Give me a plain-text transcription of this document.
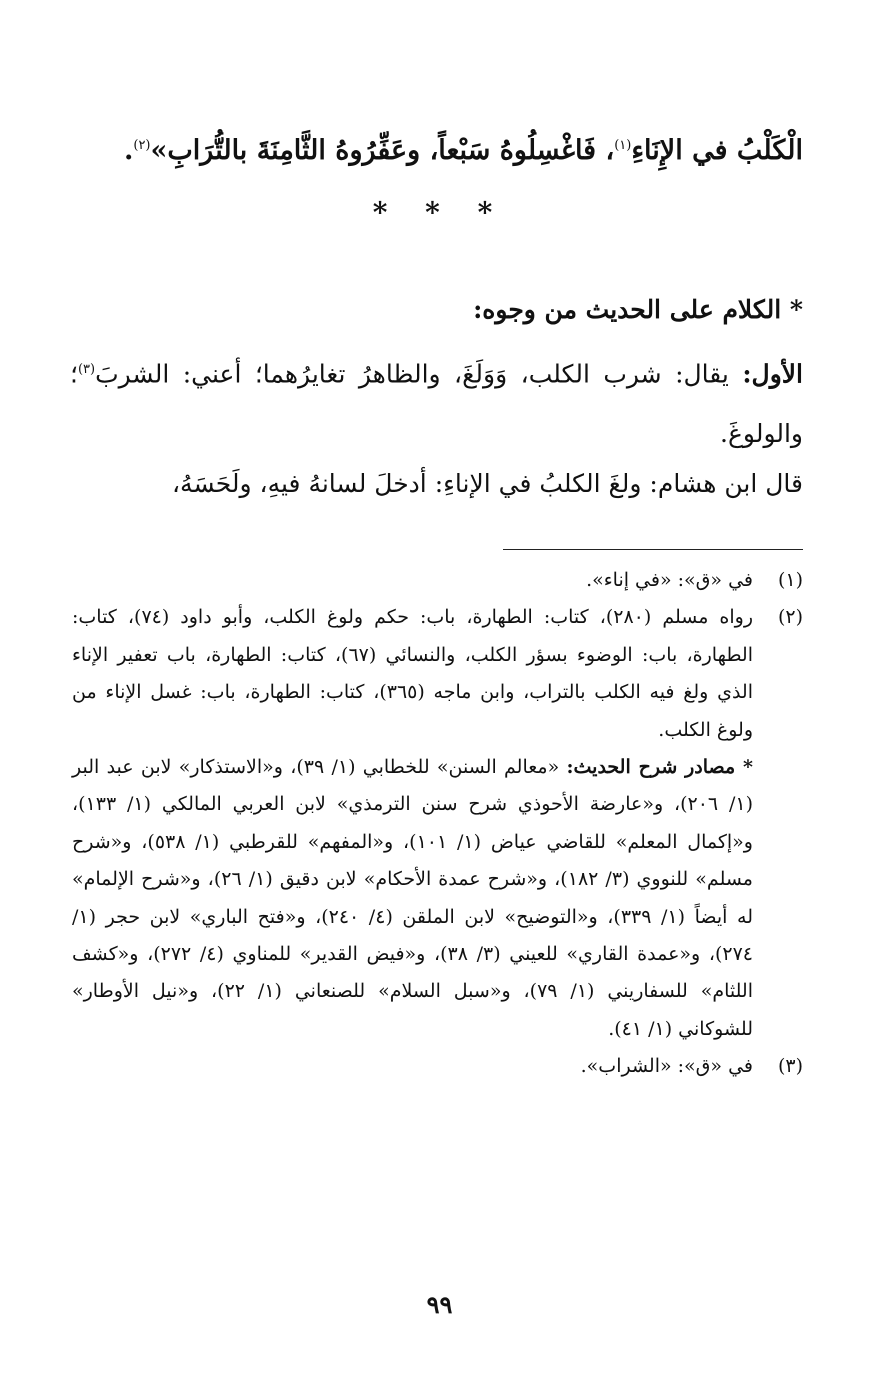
الْكَلْبُ في الإِنَاءِ$^{(١)}$، فَاغْسِلُوهُ سَبْعاً، وعَفِّرُوهُ الثَّامِنَةَ بالتُّرَابِ»$^{(٢)}$.
* * *
* الكلام على الحديث من وجوه:
الأول: يقال: شرب الكلب، وَوَلَغَ، والظاهرُ تغايرُهما؛ أعني: الشربَ$^{(٣)}$؛ والولوغَ.
قال ابن هشام: ولغَ الكلبُ في الإناءِ: أدخلَ لسانهُ فيهِ، ولَحَسَهُ،
(١)
في «ق»: «في إناء».
(٢)
رواه مسلم (٢٨٠)، كتاب: الطهارة، باب: حكم ولوغ الكلب، وأبو داود (٧٤)، كتاب: الطهارة، باب: الوضوء بسؤر الكلب، والنسائي (٦٧)، كتاب: الطهارة، باب تعفير الإناء الذي ولغ فيه الكلب بالتراب، وابن ماجه (٣٦٥)، كتاب: الطهارة، باب: غسل الإناء من ولوغ الكلب.
* مصادر شرح الحديث: «معالم السنن» للخطابي (١/ ٣٩)، و«الاستذكار» لابن عبد البر (١/ ٢٠٦)، و«عارضة الأحوذي شرح سنن الترمذي» لابن العربي المالكي (١/ ١٣٣)، و«إكمال المعلم» للقاضي عياض (١/ ١٠١)، و«المفهم» للقرطبي (١/ ٥٣٨)، و«شرح مسلم» للنووي (٣/ ١٨٢)، و«شرح عمدة الأحكام» لابن دقيق (١/ ٢٦)، و«شرح الإلمام» له أيضاً (١/ ٣٣٩)، و«التوضيح» لابن الملقن (٤/ ٢٤٠)، و«فتح الباري» لابن حجر (١/ ٢٧٤)، و«عمدة القاري» للعيني (٣/ ٣٨)، و«فيض القدير» للمناوي (٤/ ٢٧٢)، و«كشف اللثام» للسفاريني (١/ ٧٩)، و«سبل السلام» للصنعاني (١/ ٢٢)، و«نيل الأوطار» للشوكاني (١/ ٤١).
(٣)
في «ق»: «الشراب».
٩٩
